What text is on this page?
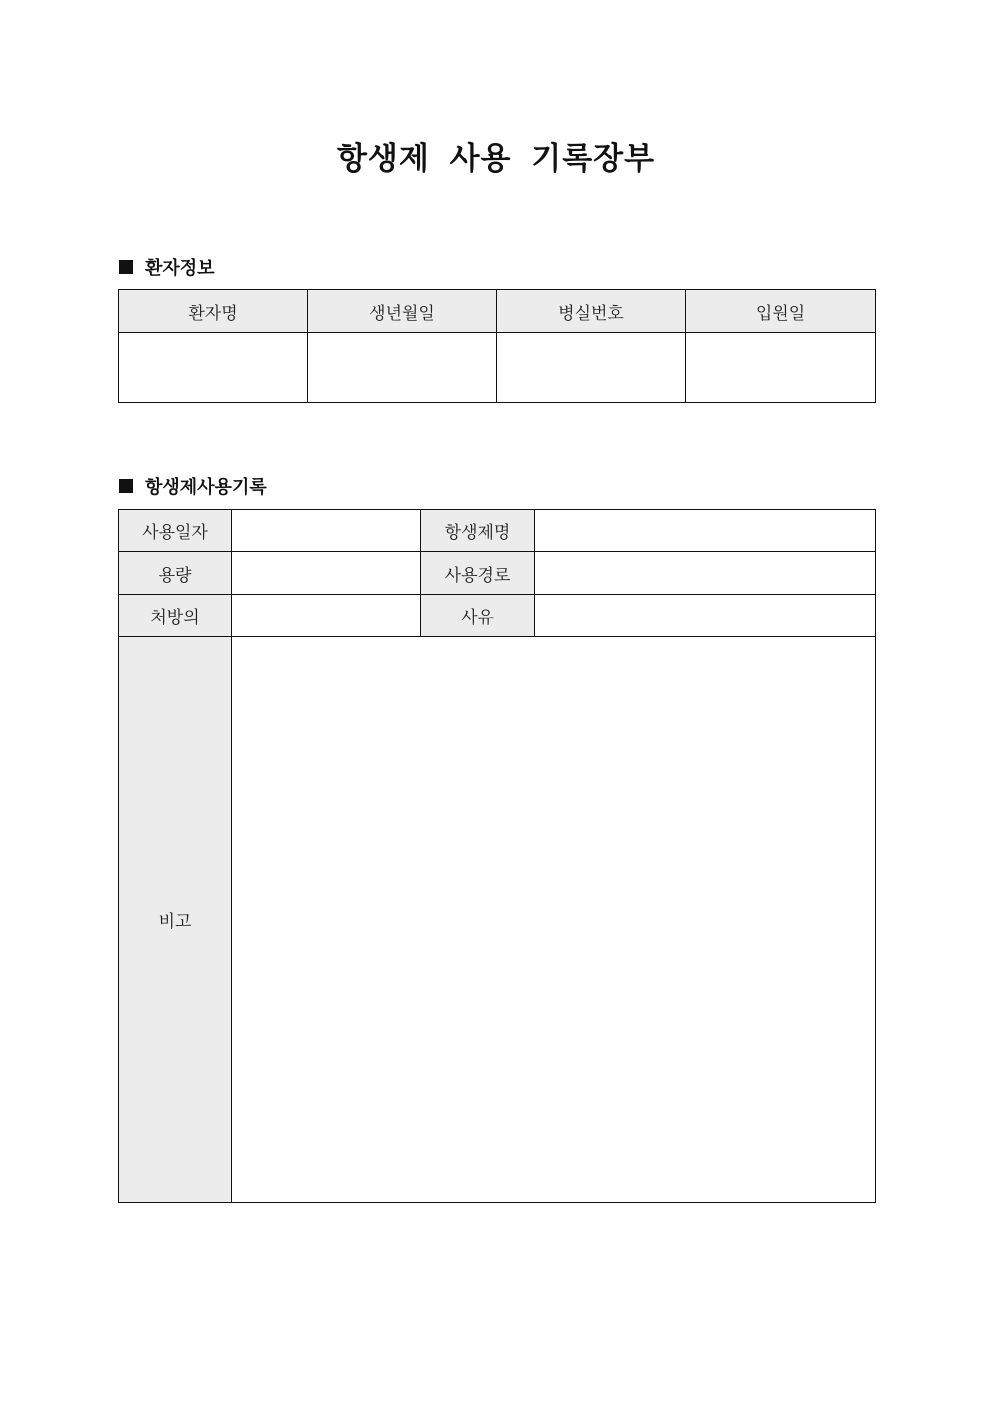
항생제 사용 기록장부
환자정보
환자명	생년월일	병실번호	입원일

항생제사용기록
사용일자		항생제명	
용량		사용경로	
처방의		사유	
비고			
